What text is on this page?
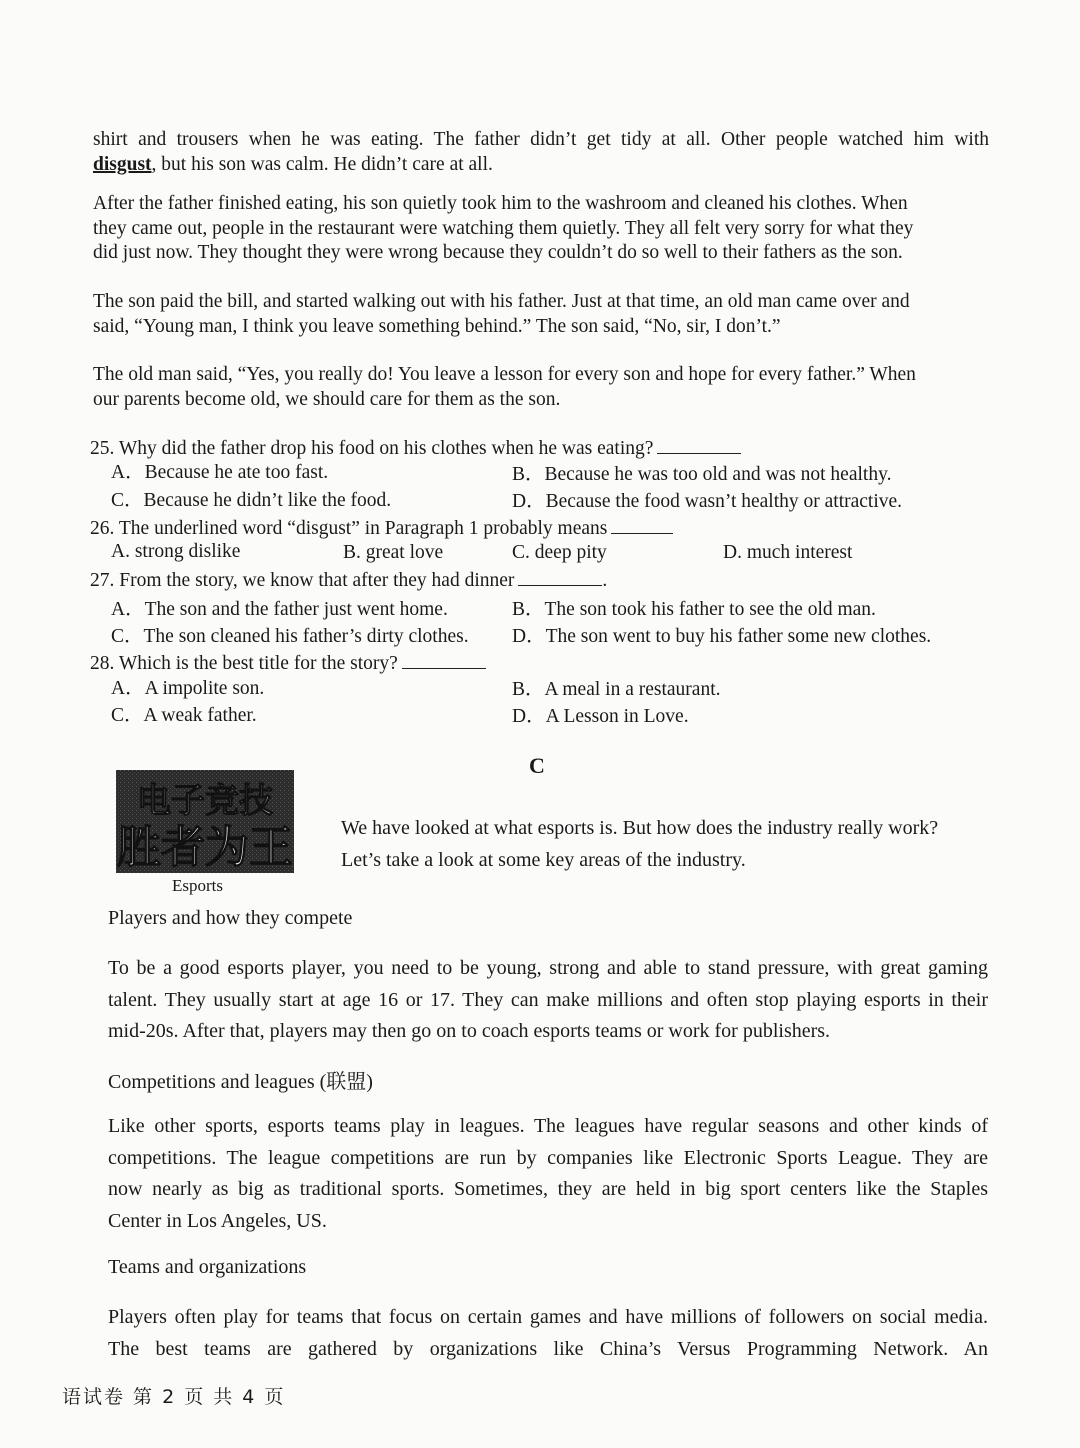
shirt and trousers when he was eating. The father didn’t get tidy at all. Other people watched him with
disgust, but his son was calm. He didn’t care at all.
After the father finished eating, his son quietly took him to the washroom and cleaned his clothes. When
they came out, people in the restaurant were watching them quietly. They all felt very sorry for what they
did just now. They thought they were wrong because they couldn’t do so well to their fathers as the son.
The son paid the bill, and started walking out with his father. Just at that time, an old man came over and
said, “Young man, I think you leave something behind.” The son said, “No, sir, I don’t.”
The old man said, “Yes, you really do! You leave a lesson for every son and hope for every father.” When
our parents become old, we should care for them as the son.
25. Why did the father drop his food on his clothes when he was eating?
A．Because he ate too fast.	B．Because he was too old and was not healthy.
C．Because he didn’t like the food.	D．Because the food wasn’t healthy or attractive.
26. The underlined word “disgust” in Paragraph 1 probably means
A. strong dislike	B. great love	C. deep pity	D. much interest
27. From the story, we know that after they had dinner	.
A．The son and the father just went home.	B．The son took his father to see the old man.
C．The son cleaned his father’s dirty clothes. D．The son went to buy his father some new clothes.
28. Which is the best title for the story?
A．A impolite son.	B．A meal in a restaurant.
C．A weak father.	D．A Lesson in Love.
C
电子竞技
胜者为王
Esports
We have looked at what esports is. But how does the industry really work?
Let’s take a look at some key areas of the industry.
Players and how they compete
To be a good esports player, you need to be young, strong and able to stand pressure, with great gaming
talent. They usually start at age 16 or 17. They can make millions and often stop playing esports in their
mid-20s. After that, players may then go on to coach esports teams or work for publishers.
Competitions and leagues (联盟)
Like other sports, esports teams play in leagues. The leagues have regular seasons and other kinds of
competitions. The league competitions are run by companies like Electronic Sports League. They are
now nearly as big as traditional sports. Sometimes, they are held in big sport centers like the Staples
Center in Los Angeles, US.
Teams and organizations
Players often play for teams that focus on certain games and have millions of followers on social media.
The best teams are gathered by organizations like China’s Versus Programming Network. An
语试卷 第 2 页 共 4 页
